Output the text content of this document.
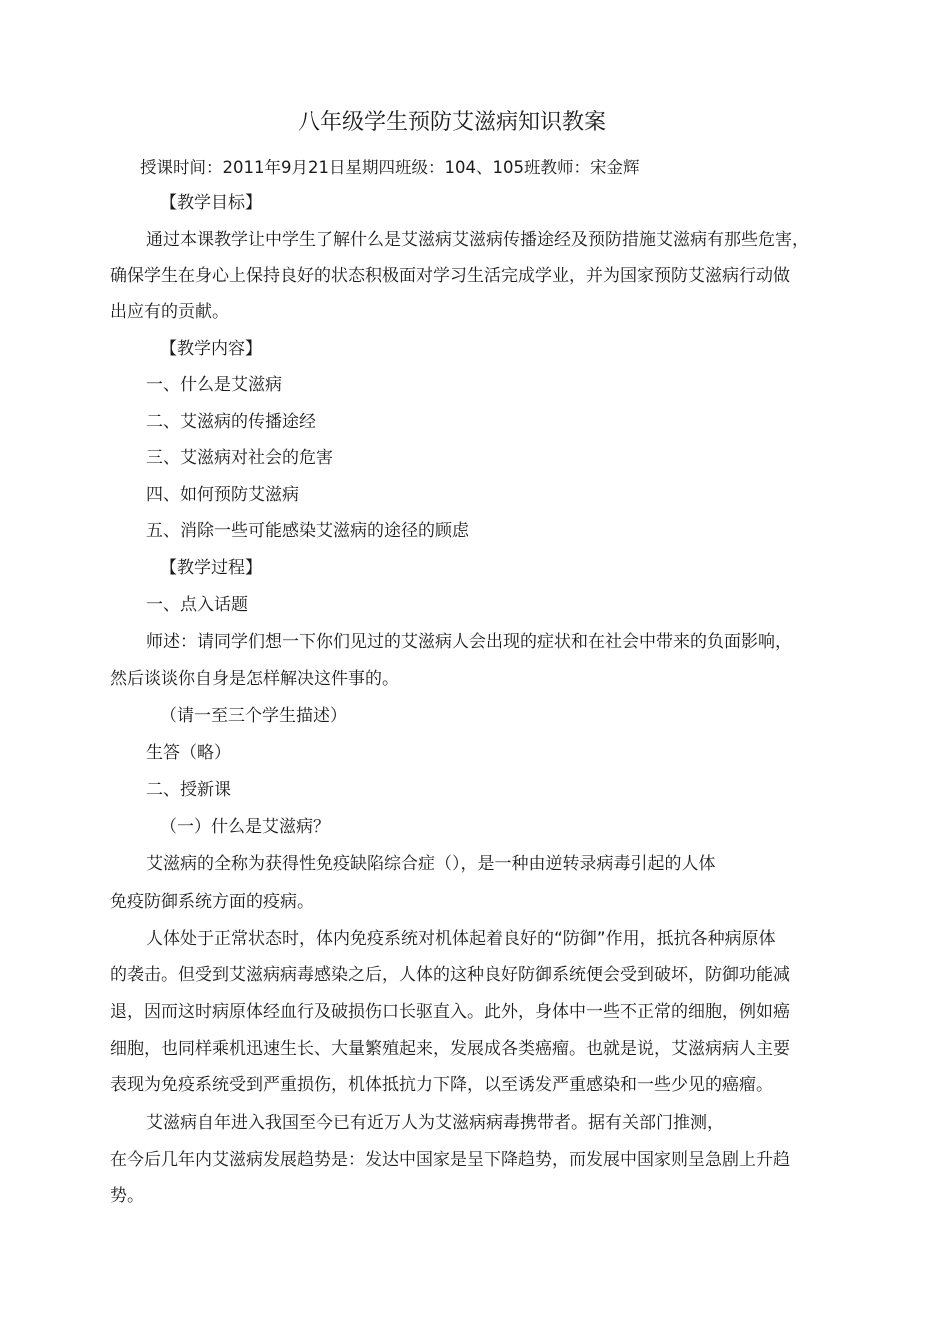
八年级学生预防艾滋病知识教案
授课时间：2011年9月21日星期四班级：104、105班教师：宋金辉
【教学目标】
通过本课教学让中学生了解什么是艾滋病艾滋病传播途经及预防措施艾滋病有那些危害，
确保学生在身心上保持良好的状态积极面对学习生活完成学业，并为国家预防艾滋病行动做
出应有的贡献。
【教学内容】
一、什么是艾滋病
二、艾滋病的传播途经
三、艾滋病对社会的危害
四、如何预防艾滋病
五、消除一些可能感染艾滋病的途径的顾虑
【教学过程】
一、点入话题
师述：请同学们想一下你们见过的艾滋病人会出现的症状和在社会中带来的负面影响，
然后谈谈你自身是怎样解决这件事的。
（请一至三个学生描述）
生答（略）
二、授新课
（一）什么是艾滋病？
艾滋病的全称为获得性免疫缺陷综合症（），是一种由逆转录病毒引起的人体
免疫防御系统方面的疫病。
人体处于正常状态时，体内免疫系统对机体起着良好的“防御”作用，抵抗各种病原体
的袭击。但受到艾滋病病毒感染之后，人体的这种良好防御系统便会受到破坏，防御功能减
退，因而这时病原体经血行及破损伤口长驱直入。此外，身体中一些不正常的细胞，例如癌
细胞，也同样乘机迅速生长、大量繁殖起来，发展成各类癌瘤。也就是说，艾滋病病人主要
表现为免疫系统受到严重损伤，机体抵抗力下降，以至诱发严重感染和一些少见的癌瘤。
艾滋病自年进入我国至今已有近万人为艾滋病病毒携带者。据有关部门推测，
在今后几年内艾滋病发展趋势是：发达中国家是呈下降趋势，而发展中国家则呈急剧上升趋
势。
